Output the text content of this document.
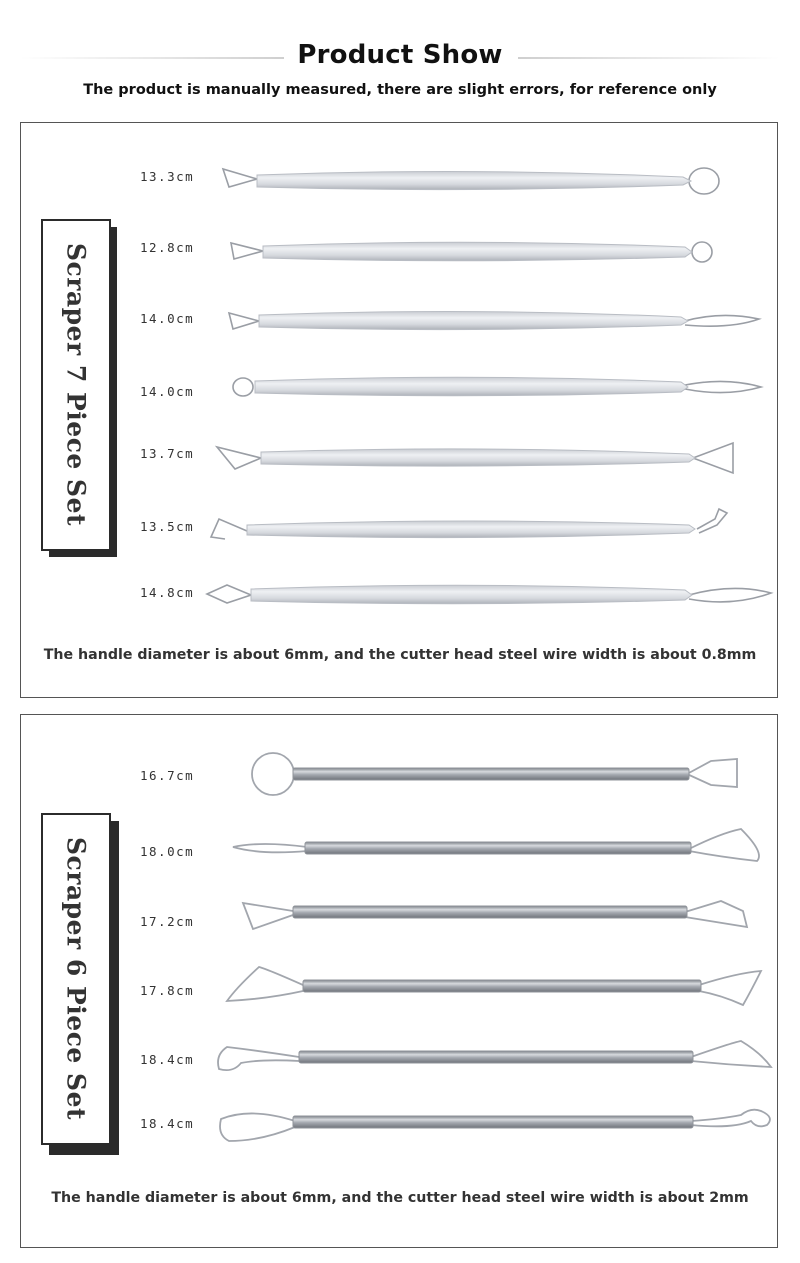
Product Show
The product is manually measured, there are slight errors, for reference only
Scraper 7 Piece Set
13.3cm
12.8cm
14.0cm
14.0cm
13.7cm
13.5cm
14.8cm
The handle diameter is about 6mm, and the cutter head steel wire width is about 0.8mm
Scraper 6 Piece Set
16.7cm
18.0cm
17.2cm
17.8cm
18.4cm
18.4cm
The handle diameter is about 6mm, and the cutter head steel wire width is about 2mm
